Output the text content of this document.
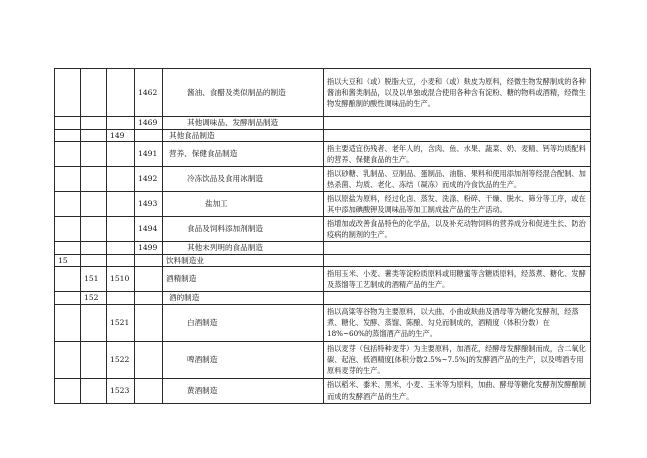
			1462	酱油、食醋及类似制品的制造	指以大豆和（或）脱脂大豆，小麦和（或）麸皮为原料，经微生物发酵制成的各种酱油和酱类制品，以及以单独或混合使用各种含有淀粉、糖的物料或酒精，经微生物发酵酿制的酸性调味品的生产。
			1469	其他调味品、发酵制品制造	
		149		其他食品制造	
			1491	营养、保健食品制造	指主要适宜伤残者、老年人的，含肉、鱼、水果、蔬菜、奶、麦精、钙等均质配料的营养、保健食品的生产。
			1492	冷冻饮品及食用冰制造	指以砂糖、乳制品、豆制品、蛋制品、油脂、果料和使用添加剂等经混合配制、加热杀菌、均质、老化、冻结（凝冻）而成的冷食饮品的生产。
			1493	盐加工	指以原盐为原料，经过化卤、蒸发、洗涤、粉碎、干燥、脱水、筛分等工序，或在其中添加碘酸钾及调味品等加工制成盐产品的生产活动。
			1494	食品及饲料添加剂制造	指增加或改善食品特色的化学品，以及补充动物饲料的营养成分和促进生长、防治疫病的制剂的生产。
			1499	其他未列明的食品制造	
15				饮料制造业	
	151	1510		酒精制造	指用玉米、小麦、薯类等淀粉质原料或用糖蜜等含糖质原料，经蒸煮、糖化、发酵及蒸馏等工艺制成的酒精产品的生产。
	152			酒的制造	
		1521		白酒制造	指以高粱等谷物为主要原料，以大曲、小曲或麸曲及酒母等为糖化发酵剂，经蒸煮、糖化、发酵、蒸馏、陈酿、勾兑而制成的，酒精度（体积分数）在18%~60%的蒸馏酒产品的生产。
		1522		啤酒制造	指以麦芽（包括特种麦芽）为主要原料，加酒花，经酵母发酵酿制而成，含二氧化碳、起泡、低酒精度[体积分数2.5%~7.5%]的发酵酒产品的生产，以及啤酒专用原料麦芽的生产。
		1523		黄酒制造	指以稻米、黍米、黑米、小麦、玉米等为原料，加曲、酵母等糖化发酵剂发酵酿制而成的发酵酒产品的生产。
